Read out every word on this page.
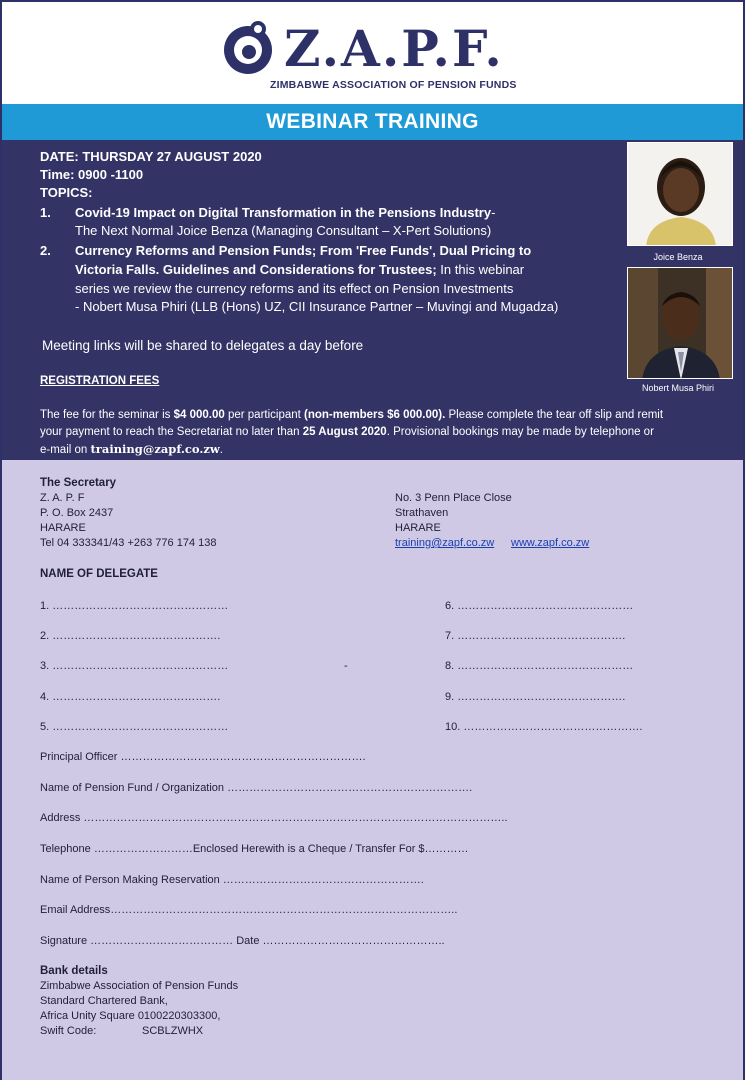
Z.A.P.F.
ZIMBABWE ASSOCIATION OF PENSION FUNDS
WEBINAR TRAINING
DATE: THURSDAY 27 AUGUST 2020
Time: 0900 -1100
TOPICS:
1. Covid-19 Impact on Digital Transformation in the Pensions Industry-
The Next Normal Joice Benza (Managing Consultant – X-Pert Solutions)
2. Currency Reforms and Pension Funds; From 'Free Funds', Dual Pricing to
Victoria Falls. Guidelines and Considerations for Trustees; In this webinar
series we review the currency reforms and its effect on Pension Investments
- Nobert Musa Phiri (LLB (Hons) UZ, CII Insurance Partner – Muvingi and Mugadza)
Meeting links will be shared to delegates a day before
REGISTRATION FEES
The fee for the seminar is $4 000.00 per participant (non-members $6 000.00). Please complete the tear off slip and remit
your payment to reach the Secretariat no later than 25 August 2020. Provisional bookings may be made by telephone or
e-mail on training@zapf.co.zw.
Joice Benza
Nobert Musa Phiri
The Secretary
Z. A. P. F
P. O. Box 2437
HARARE
Tel 04 333341/43 +263 776 174 138
No. 3 Penn Place Close
Strathaven
HARARE
training@zapf.co.zw www.zapf.co.zw
NAME OF DELEGATE
1. …………………………………………
2. ……………………………………….
3. …………………………………………
4. ……………………………………….
5. …………………………………………
-
6. …………………………………………
7. ……………………………………….
8. …………………………………………
9. ……………………………………….
10. ………………………………………….
Principal Officer ………………………………………………………….
Name of Pension Fund / Organization ………………………………………………………….
Address ……………………………………………………………………………………………………..
Telephone ………………………Enclosed Herewith is a Cheque / Transfer For $…………
Name of Person Making Reservation ……………………………………………….
Email Address…………………………………………………………………………………..
Signature ………………………………… Date …………………………………………..
Bank details
Zimbabwe Association of Pension Funds
Standard Chartered Bank,
Africa Unity Square 0100220303300,
Swift Code:	SCBLZWHX
